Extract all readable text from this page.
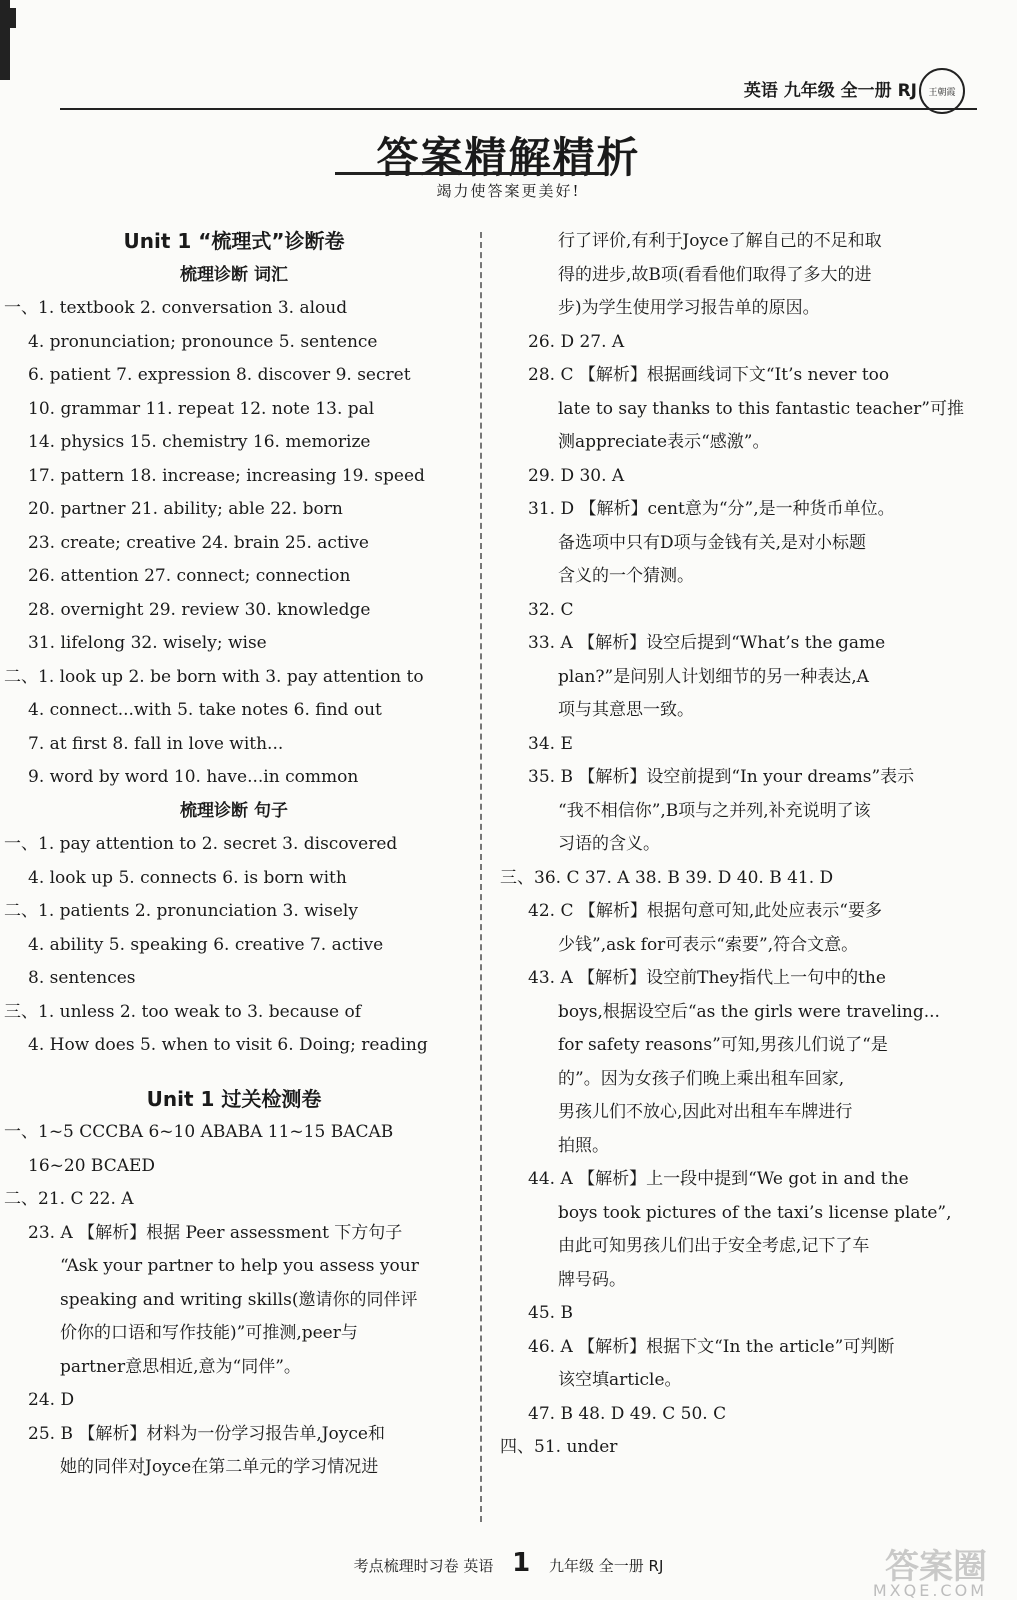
英语 九年级 全一册 RJ 王朝霞
答案精解精析
竭力使答案更美好!
Unit 1 “梳理式”诊断卷
梳理诊断 词汇
一、1. textbook 2. conversation 3. aloud
4. pronunciation; pronounce 5. sentence
6. patient 7. expression 8. discover 9. secret
10. grammar 11. repeat 12. note 13. pal
14. physics 15. chemistry 16. memorize
17. pattern 18. increase; increasing 19. speed
20. partner 21. ability; able 22. born
23. create; creative 24. brain 25. active
26. attention 27. connect; connection
28. overnight 29. review 30. knowledge
31. lifelong 32. wisely; wise
二、1. look up 2. be born with 3. pay attention to
4. connect...with 5. take notes 6. find out
7. at first 8. fall in love with...
9. word by word 10. have...in common
梳理诊断 句子
一、1. pay attention to 2. secret 3. discovered
4. look up 5. connects 6. is born with
二、1. patients 2. pronunciation 3. wisely
4. ability 5. speaking 6. creative 7. active
8. sentences
三、1. unless 2. too weak to 3. because of
4. How does 5. when to visit 6. Doing; reading
Unit 1 过关检测卷
一、1~5 CCCBA 6~10 ABABA 11~15 BACAB
16~20 BCAED
二、21. C 22. A
23. A 【解析】根据 Peer assessment 下方句子
“Ask your partner to help you assess your
speaking and writing skills(邀请你的同伴评
价你的口语和写作技能)”可推测,peer与
partner意思相近,意为“同伴”。
24. D
25. B 【解析】材料为一份学习报告单,Joyce和
她的同伴对Joyce在第二单元的学习情况进
行了评价,有利于Joyce了解自己的不足和取
得的进步,故B项(看看他们取得了多大的进
步)为学生使用学习报告单的原因。
26. D 27. A
28. C 【解析】根据画线词下文“It’s never too
late to say thanks to this fantastic teacher”可推
测appreciate表示“感激”。
29. D 30. A
31. D 【解析】cent意为“分”,是一种货币单位。
备选项中只有D项与金钱有关,是对小标题
含义的一个猜测。
32. C
33. A 【解析】设空后提到“What’s the game
plan?”是问别人计划细节的另一种表达,A
项与其意思一致。
34. E
35. B 【解析】设空前提到“In your dreams”表示
“我不相信你”,B项与之并列,补充说明了该
习语的含义。
三、36. C 37. A 38. B 39. D 40. B 41. D
42. C 【解析】根据句意可知,此处应表示“要多
少钱”,ask for可表示“索要”,符合文意。
43. A 【解析】设空前They指代上一句中的the
boys,根据设空后“as the girls were traveling...
for safety reasons”可知,男孩儿们说了“是
的”。因为女孩子们晚上乘出租车回家,
男孩儿们不放心,因此对出租车车牌进行
拍照。
44. A 【解析】上一段中提到“We got in and the
boys took pictures of the taxi’s license plate”,
由此可知男孩儿们出于安全考虑,记下了车
牌号码。
45. B
46. A 【解析】根据下文“In the article”可判断
该空填article。
47. B 48. D 49. C 50. C
四、51. under
考点梳理时习卷 英语 1 九年级 全一册 RJ	答案圈
MXQE.COM
